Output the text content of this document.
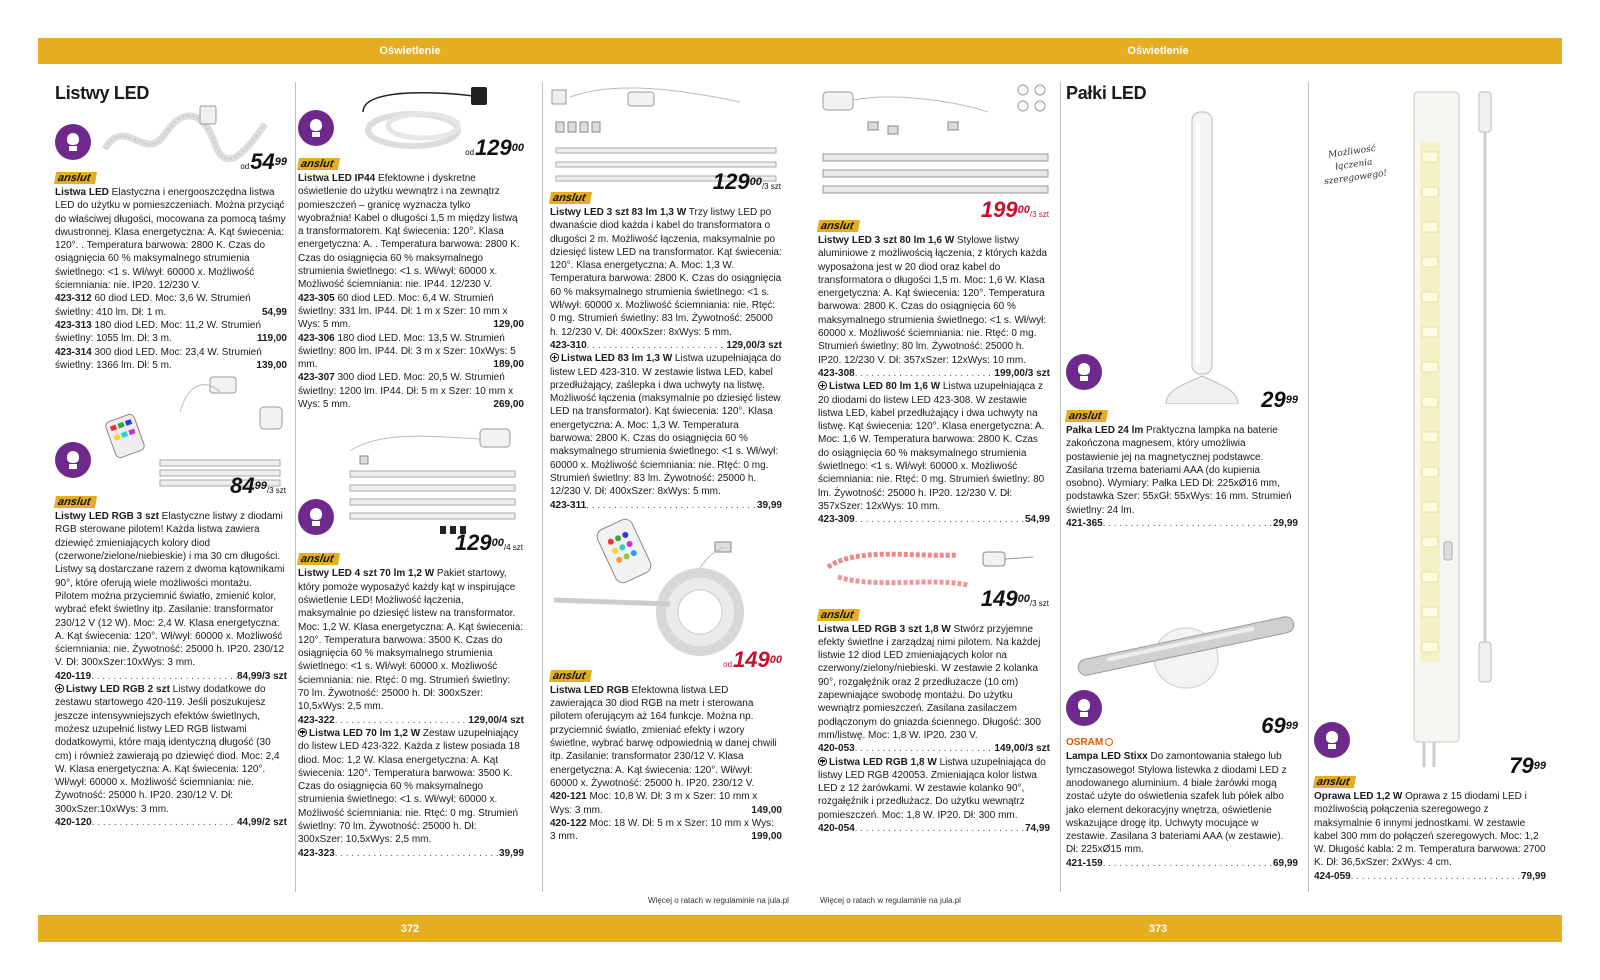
Oświetlenie	Oświetlenie
372	373
Listwy LED
anslut
$od54^{99}$
Listwa LED Elastyczna i energooszczędna listwa LED do użytku w pomieszczeniach. Można przyciąć do właściwej długości, mocowana za pomocą taśmy dwustronnej. Klasa energetyczna: A. Kąt świecenia: 120°. . Temperatura barwowa: 2800 K. Czas do osiągnięcia 60 % maksymalnego strumienia świetlnego: <1 s. Wł/wył: 60000 x. Możliwość ściemniania: nie. IP20. 12/230 V.
423-312 60 diod LED. Moc: 3,6 W. Strumień świetlny: 410 lm. Dł: 1 m.	54,99
423-313 180 diod LED. Moc: 11,2 W. Strumień świetlny: 1055 lm. Dł: 3 m.	119,00
423-314 300 diod LED. Moc: 23,4 W. Strumień świetlny: 1366 lm. Dł: 5 m.	139,00
anslut
$84^{99}/3$ szt
Listwy LED RGB 3 szt Elastyczne listwy z diodami RGB sterowane pilotem! Każda listwa zawiera dziewięć zmieniających kolory diod (czerwone/zielone/niebieskie) i ma 30 cm długości. Listwy są dostarczane razem z dwoma kątownikami 90°, które oferują wiele możliwości montażu. Pilotem można przyciemnić światło, zmienić kolor, wybrać efekt świetlny itp. Zasilanie: transformator 230/12 V (12 W). Moc: 2,4 W. Klasa energetyczna: A. Kąt świecenia: 120°. Wł/wył: 60000 x. Możliwość ściemniania: nie. Żywotność: 25000 h. IP20. 230/12 V. Dł: 300xSzer:10xWys: 3 mm.
420-119 . . .	84,99/3 szt
Listwy LED RGB 2 szt Listwy dodatkowe do zestawu startowego 420-119. Jeśli poszukujesz jeszcze intensywniejszych efektów świetlnych, możesz uzupełnić listwy LED RGB listwami dodatkowymi, które mają identyczną długość (30 cm) i również zawierają po dziewięć diod. Moc: 2,4 W. Klasa energetyczna: A. Kąt świecenia: 120°. Wł/wył: 60000 x. Możliwość ściemniania: nie. Żywotność: 25000 h. IP20. 230/12 V. Dł: 300xSzer:10xWys: 3 mm.
420-120 . . .	44,99/2 szt
anslut
$od129^{00}$
Listwa LED IP44 Efektowne i dyskretne oświetlenie do użytku wewnątrz i na zewnątrz pomieszczeń – granicę wyznacza tylko wyobraźnia! Kabel o długości 1,5 m między listwą a transformatorem. Kąt świecenia: 120°. Klasa energetyczna: A. . Temperatura barwowa: 2800 K. Czas do osiągnięcia 60 % maksymalnego strumienia świetlnego: <1 s. Wł/wył: 60000 x. Możliwość ściemniania: nie. IP44. 12/230 V.
423-305 60 diod LED. Moc: 6,4 W. Strumień świetlny: 331 lm. IP44. Dł: 1 m x Szer: 10 mm x Wys: 5 mm.	129,00
423-306 180 diod LED. Moc: 13,5 W. Strumień świetlny: 800 lm. IP44. Dł: 3 m x Szer: 10xWys: 5 mm.	189,00
423-307 300 diod LED. Moc: 20,5 W. Strumień świetlny: 1200 lm. IP44. Dł: 5 m x Szer: 10 mm x Wys: 5 mm.	269,00
anslut
$129^{00}/4$ szt
Listwy LED 4 szt 70 lm 1,2 W Pakiet startowy, który pomoże wyposażyć każdy kąt w inspirujące oświetlenie LED! Możliwość łączenia, maksymalnie po dziesięć listew na transformator. Moc: 1,2 W. Klasa energetyczna: A. Kąt świecenia: 120°. Temperatura barwowa: 3500 K. Czas do osiągnięcia 60 % maksymalnego strumienia świetlnego: <1 s. Wł/wył: 60000 x. Możliwość ściemniania: nie. Rtęć: 0 mg. Strumień świetlny: 70 lm. Żywotność: 25000 h. Dł: 300xSzer: 10,5xWys: 2,5 mm.
423-322 . . .	129,00/4 szt
Listwa LED 70 lm 1,2 W Zestaw uzupełniający do listew LED 423-322. Każda z listew posiada 18 diod. Moc: 1,2 W. Klasa energetyczna: A. Kąt świecenia: 120°. Temperatura barwowa: 3500 K. Czas do osiągnięcia 60 % maksymalnego strumienia świetlnego: <1 s. Wł/wył: 60000 x. Możliwość ściemniania: nie. Rtęć: 0 mg. Strumień świetlny: 70 lm. Żywotność: 25000 h. Dł: 300xSzer: 10,5xWys: 2,5 mm.
423-323 . . .	39,99
anslut
$129^{00}/3$ szt
Listwy LED 3 szt 83 lm 1,3 W Trzy listwy LED po dwanaście diod każda i kabel do transformatora o długości 2 m. Możliwość łączenia, maksymalnie po dziesięć listew LED na transformator. Kąt świecenia: 120°. Klasa energetyczna: A. Moc: 1,3 W. Temperatura barwowa: 2800 K. Czas do osiągnięcia 60 % maksymalnego strumienia świetlnego: <1 s. Wł/wył: 60000 x. Możliwość ściemniania: nie. Rtęć: 0 mg. Strumień świetlny: 83 lm. Żywotność: 25000 h. 12/230 V. Dł: 400xSzer: 8xWys: 5 mm.
423-310 . . .	129,00/3 szt
Listwa LED 83 lm 1,3 W Listwa uzupełniająca do listew LED 423-310. W zestawie listwa LED, kabel przedłużający, zaślepka i dwa uchwyty na listwę. Możliwość łączenia (maksymalnie po dziesięć listew LED na transformator). Kąt świecenia: 120°. Klasa energetyczna: A. Moc: 1,3 W. Temperatura barwowa: 2800 K. Czas do osiągnięcia 60 % maksymalnego strumienia świetlnego: <1 s. Wł/wył: 60000 x. Możliwość ściemniania: nie. Rtęć: 0 mg. Strumień świetlny: 83 lm. Żywotność: 25000 h. 12/230 V. Dł: 400xSzer: 8xWys: 5 mm.
423-311 . . .	39,99
anslut
$od149^{00}$
Listwa LED RGB Efektowna listwa LED zawierająca 30 diod RGB na metr i sterowana pilotem oferującym aż 164 funkcje. Można np. przyciemnić światło, zmieniać efekty i wzory świetlne, wybrać barwę odpowiednią w danej chwili itp. Zasilanie: transformator 230/12 V. Klasa energetyczna: A. Kąt świecenia: 120°. Wł/wył: 60000 x. Żywotność: 25000 h. IP20. 230/12 V.
420-121 Moc: 10,8 W. Dł: 3 m x Szer: 10 mm x Wys: 3 mm.	149,00
420-122 Moc: 18 W. Dł: 5 m x Szer: 10 mm x Wys: 3 mm.	199,00
Więcej o ratach w regulaminie na jula.pl	Więcej o ratach w regulaminie na jula.pl
anslut
$199^{00}/3$ szt
Listwy LED 3 szt 80 lm 1,6 W Stylowe listwy aluminiowe z możliwością łączenia, z których każda wyposażona jest w 20 diod oraz kabel do transformatora o długości 1,5 m. Moc: 1,6 W. Klasa energetyczna: A. Kąt świecenia: 120°. Temperatura barwowa: 2800 K. Czas do osiągnięcia 60 % maksymalnego strumienia świetlnego: <1 s. Wł/wył: 60000 x. Możliwość ściemniania: nie. Rtęć: 0 mg. Strumień świetlny: 80 lm. Żywotność: 25000 h. IP20. 12/230 V. Dł: 357xSzer: 12xWys: 10 mm.
423-308 . . .	199,00/3 szt
Listwa LED 80 lm 1,6 W Listwa uzupełniająca z 20 diodami do listew LED 423-308. W zestawie listwa LED, kabel przedłużający i dwa uchwyty na listwę. Kąt świecenia: 120°. Klasa energetyczna: A. Moc: 1,6 W. Temperatura barwowa: 2800 K. Czas do osiągnięcia 60 % maksymalnego strumienia świetlnego: <1 s. Wł/wył: 60000 x. Możliwość ściemniania: nie. Rtęć: 0 mg. Strumień świetlny: 80 lm. Żywotność: 25000 h. IP20. 12/230 V. Dł: 357xSzer: 12xWys: 10 mm.
423-309 . . .	54,99
anslut
$149^{00}/3$ szt
Listwa LED RGB 3 szt 1,8 W Stwórz przyjemne efekty świetlne i zarządzaj nimi pilotem. Na każdej listwie 12 diod LED zmieniających kolor na czerwony/zielony/niebieski. W zestawie 2 kolanka 90°, rozgałęźnik oraz 2 przedłużacze (10 cm) zapewniające swobodę montażu. Do użytku wewnątrz pomieszczeń. Zasilana zasilaczem podłączonym do gniazda ściennego. Długość: 300 mm/listwę. Moc: 1,8 W. IP20. 230 V.
420-053 . . .	149,00/3 szt
Listwa LED RGB 1,8 W Listwa uzupełniająca do listwy LED RGB 420053. Zmieniająca kolor listwa LED z 12 żarówkami. W zestawie kolanko 90°, rozgałęźnik i przedłużacz. Do użytku wewnątrz pomieszczeń. Moc: 1,8 W. IP20. Dł: 300 mm.
420-054 . . .	74,99
Pałki LED
anslut
$29^{99}$
Pałka LED 24 lm Praktyczna lampka na baterie zakończona magnesem, który umożliwia postawienie jej na magnetycznej podstawce. Zasilana trzema bateriami AAA (do kupienia osobno). Wymiary: Pałka LED Dł: 225xØ16 mm, podstawka Szer: 55xGł: 55xWys: 16 mm. Strumień świetlny: 24 lm.
421-365 . . .	29,99
OSRAM
$69^{99}$
Lampa LED Stixx Do zamontowania stałego lub tymczasowego! Stylowa listewka z diodami LED z anodowanego aluminium. 4 białe żarówki mogą zostać użyte do oświetlenia szafek lub półek albo jako element dekoracyjny wnętrza, oświetlenie wskazujące drogę itp. Uchwyty mocujące w zestawie. Zasilana 3 bateriami AAA (w zestawie). Dł: 225xØ15 mm.
421-159 . . .	69,99
Możliwość łączenia szeregowego!
anslut
$79^{99}$
Oprawa LED 1,2 W Oprawa z 15 diodami LED i możliwością połączenia szeregowego z maksymalnie 6 innymi jednostkami. W zestawie kabel 300 mm do połączeń szeregowych. Moc: 1,2 W. Długość kabla: 2 m. Temperatura barwowa: 2700 K. Dł: 36,5xSzer: 2xWys: 4 cm.
424-059 . . .	79,99
